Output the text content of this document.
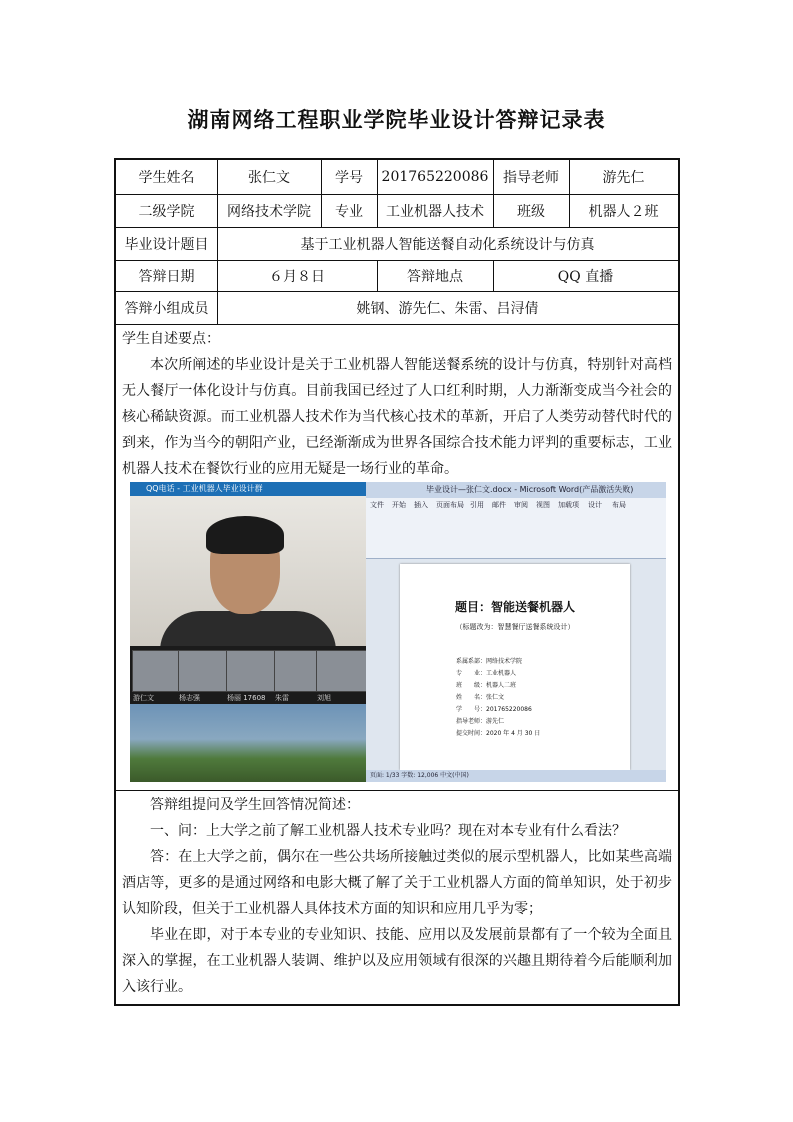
湖南网络工程职业学院毕业设计答辩记录表
学生姓名	张仁文	学号	201765220086	指导老师	游先仁
二级学院	网络技术学院	专业	工业机器人技术	班级	机器人２班
毕业设计题目	基于工业机器人智能送餐自动化系统设计与仿真
答辩日期	６月８日	答辩地点	QQ 直播
答辩小组成员	姚钢、游先仁、朱雷、吕浔倩

学生自述要点：

本次所阐述的毕业设计是关于工业机器人智能送餐系统的设计与仿真，特别针对高档无人餐厅一体化设计与仿真。目前我国已经过了人口红利时期，人力渐渐变成当今社会的核心稀缺资源。而工业机器人技术作为当代核心技术的革新，开启了人类劳动替代时代的到来，作为当今的朝阳产业，已经渐渐成为世界各国综合技术能力评判的重要标志，工业机器人技术在餐饮行业的应用无疑是一场行业的革命。

QQ电话 - 工业机器人毕业设计群
游仁文	杨志强	杨丽 17608 朱雷	刘旭
毕业设计—张仁文.docx - Microsoft Word(产品激活失败)
文件 开始 插入 页面布局 引用 邮件 审阅 视图 加载项 设计 布局
题目：智能送餐机器人
（标题改为：智慧餐厅送餐系统设计）
系属系部：网络技术学院
专　　业：工业机器人
班　　级：机器人二班
姓　　名：张仁文
学　　号：201765220086
指导老师：游先仁
提交时间：2020 年 4 月 30 日
页面: 1/33 字数: 12,006 中文(中国)

答辩组提问及学生回答情况简述：

一、问：上大学之前了解工业机器人技术专业吗？现在对本专业有什么看法？

答：在上大学之前，偶尔在一些公共场所接触过类似的展示型机器人，比如某些高端酒店等，更多的是通过网络和电影大概了解了关于工业机器人方面的简单知识，处于初步认知阶段，但关于工业机器人具体技术方面的知识和应用几乎为零；

毕业在即，对于本专业的专业知识、技能、应用以及发展前景都有了一个较为全面且深入的掌握，在工业机器人装调、维护以及应用领域有很深的兴趣且期待着今后能顺利加入该行业。
